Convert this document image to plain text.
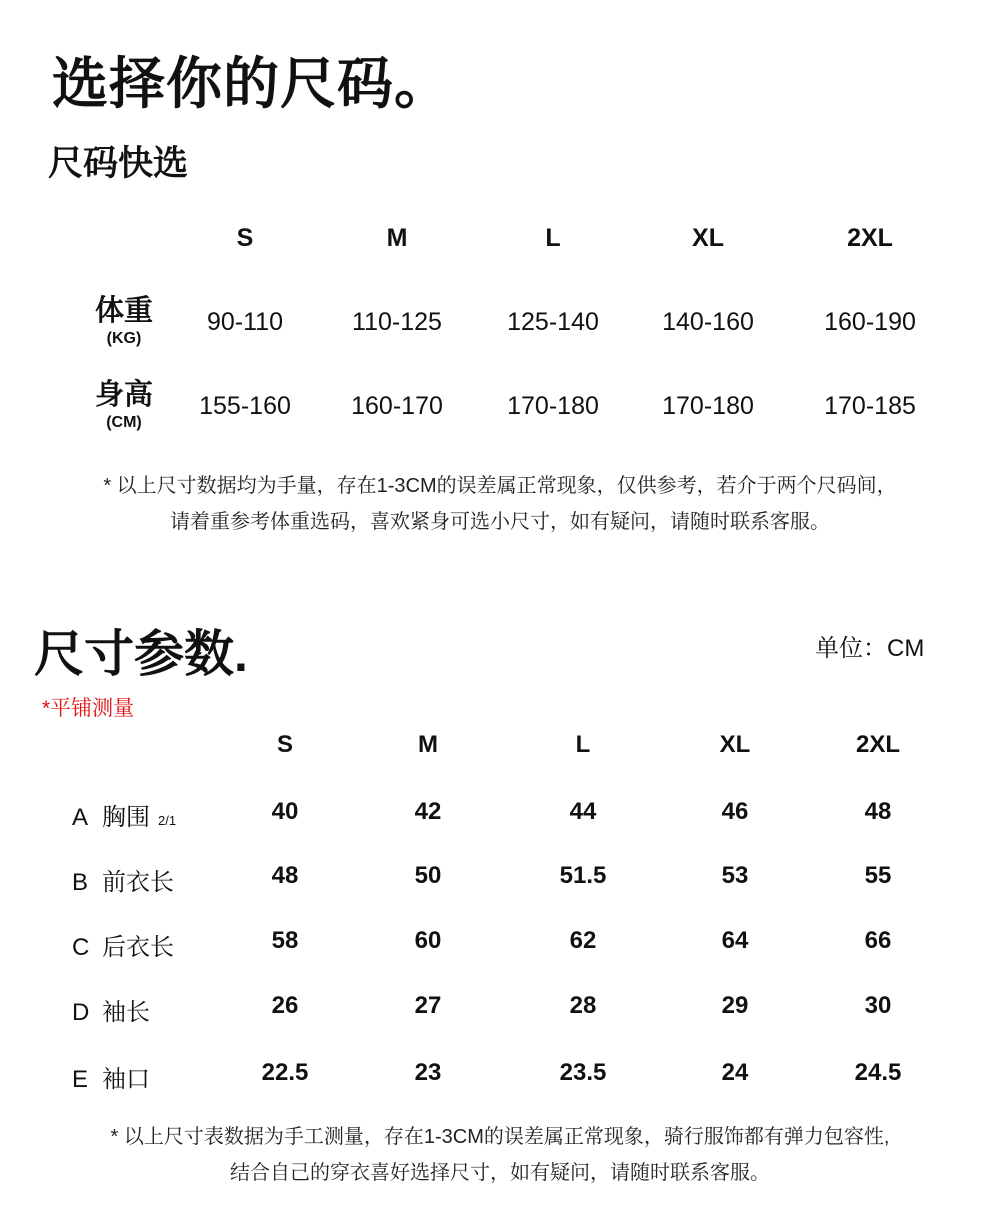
选择你的尺码。
尺码快选
S	M	L	XL	2XL
体重
(KG)
90-110	110-125	125-140	140-160	160-190
身高
(CM)
155-160	160-170	170-180	170-180	170-185
* 以上尺寸数据均为手量，存在1-3CM的误差属正常现象，仅供参考，若介于两个尺码间，
请着重参考体重选码，喜欢紧身可选小尺寸，如有疑问，请随时联系客服。
尺寸参数.	单位：CM
*平铺测量
S	M	L	XL	2XL
A 胸围 2/1	40	42	44	46	48
B 前衣长	48	50	51.5	53	55
C 后衣长	58	60	62	64	66
D 袖长	26	27	28	29	30
E 袖口	22.5	23	23.5	24	24.5
* 以上尺寸表数据为手工测量，存在1-3CM的误差属正常现象，骑行服饰都有弹力包容性,
结合自己的穿衣喜好选择尺寸，如有疑问，请随时联系客服。
